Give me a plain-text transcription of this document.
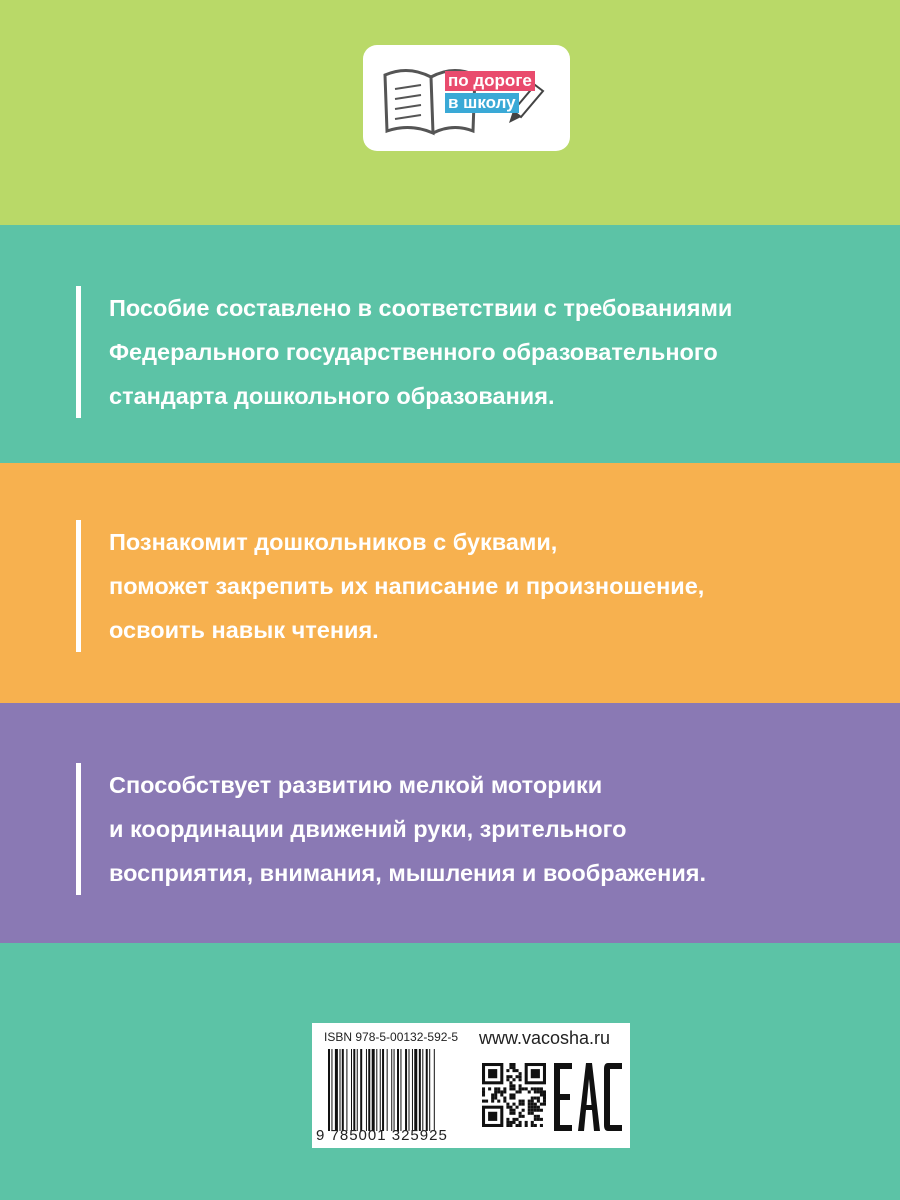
по дороге
в школу
Пособие составлено в соответствии с требованиями
Федерального государственного образовательного
стандарта дошкольного образования.
Познакомит дошкольников с буквами,
поможет закрепить их написание и произношение,
освоить навык чтения.
Способствует развитию мелкой моторики
и координации движений руки, зрительного
восприятия, внимания, мышления и воображения.
ISBN 978-5-00132-592-5
9 785001 325925
www.vacosha.ru
